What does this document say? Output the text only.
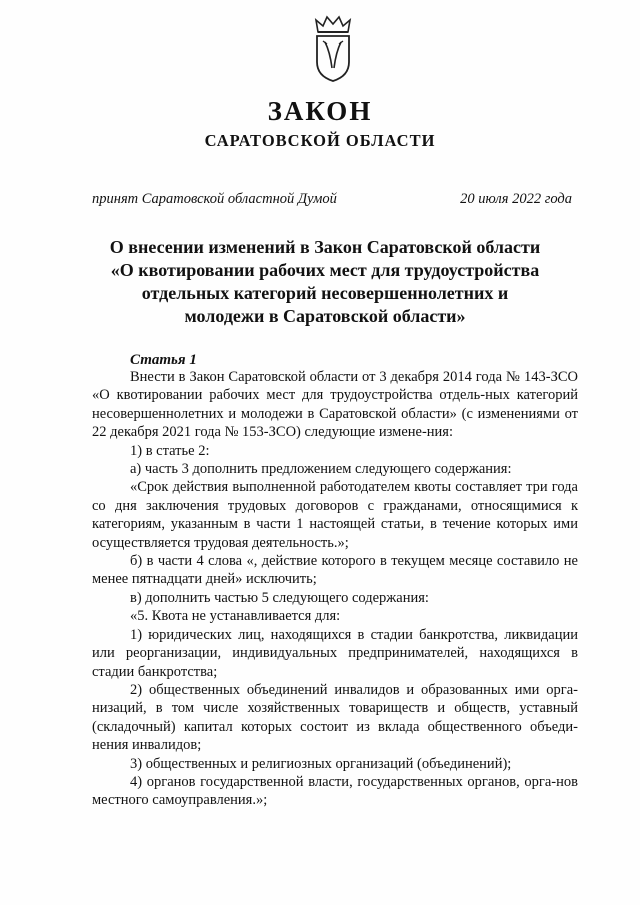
ЗАКОН
САРАТОВСКОЙ ОБЛАСТИ
принят Саратовской областной Думой	20 июля 2022 года
О внесении изменений в Закон Саратовской области
«О квотировании рабочих мест для трудоустройства
отдельных категорий несовершеннолетних и
молодежи в Саратовской области»
Статья 1

Внести в Закон Саратовской области от 3 декабря 2014 года № 143-ЗСО «О квотировании рабочих мест для трудоустройства отдель-ных категорий несовершеннолетних и молодежи в Саратовской области» (с изменениями от 22 декабря 2021 года № 153-ЗСО) следующие измене-ния:

1) в статье 2:

а) часть 3 дополнить предложением следующего содержания:

«Срок действия выполненной работодателем квоты составляет три года со дня заключения трудовых договоров с гражданами, относящимися к категориям, указанным в части 1 настоящей статьи, в течение которых ими осуществляется трудовая деятельность.»;

б) в части 4 слова «, действие которого в текущем месяце составило не менее пятнадцати дней» исключить;

в) дополнить частью 5 следующего содержания:

«5. Квота не устанавливается для:

1) юридических лиц, находящихся в стадии банкротства, ликвидации или реорганизации, индивидуальных предпринимателей, находящихся в стадии банкротства;

2) общественных объединений инвалидов и образованных ими орга-низаций, в том числе хозяйственных товариществ и обществ, уставный (складочный) капитал которых состоит из вклада общественного объеди-нения инвалидов;

3) общественных и религиозных организаций (объединений);

4) органов государственной власти, государственных органов, орга-нов местного самоуправления.»;
